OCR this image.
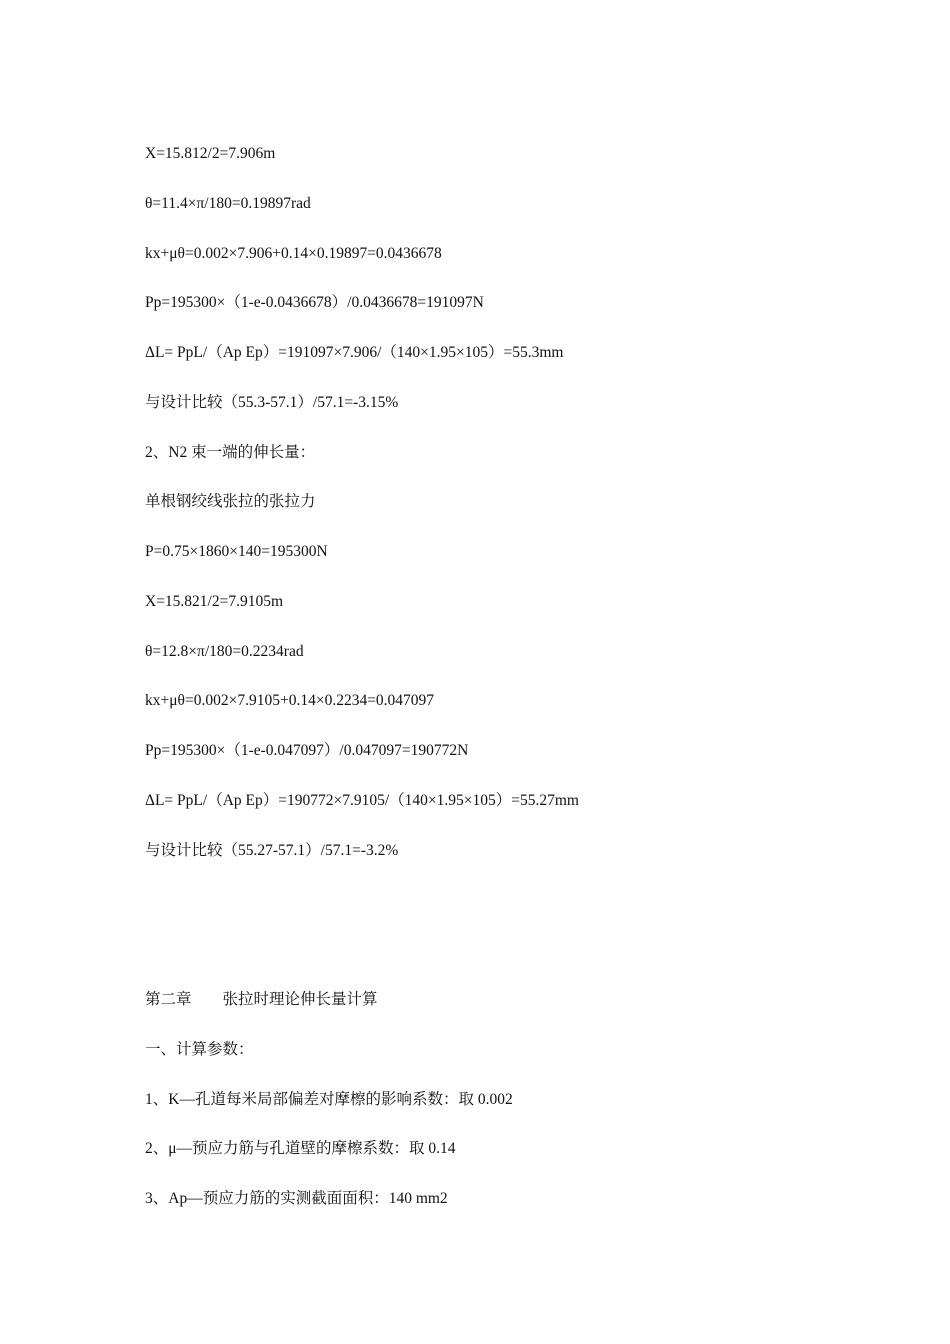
X=15.812/2=7.906m
θ=11.4×π/180=0.19897rad
kx+μθ=0.002×7.906+0.14×0.19897=0.0436678
Pp=195300×（1-e-0.0436678）/0.0436678=191097N
ΔL= PpL/（Ap Ep）=191097×7.906/（140×1.95×105）=55.3mm
与设计比较（55.3-57.1）/57.1=-3.15%
2、N2 束一端的伸长量：
单根钢绞线张拉的张拉力
P=0.75×1860×140=195300N
X=15.821/2=7.9105m
θ=12.8×π/180=0.2234rad
kx+μθ=0.002×7.9105+0.14×0.2234=0.047097
Pp=195300×（1-e-0.047097）/0.047097=190772N
ΔL= PpL/（Ap Ep）=190772×7.9105/（140×1.95×105）=55.27mm
与设计比较（55.27-57.1）/57.1=-3.2%
第二章　　张拉时理论伸长量计算
一、计算参数：
1、K—孔道每米局部偏差对摩檫的影响系数：取 0.002
2、μ—预应力筋与孔道壁的摩檫系数：取 0.14
3、Ap—预应力筋的实测截面面积：140 mm2
